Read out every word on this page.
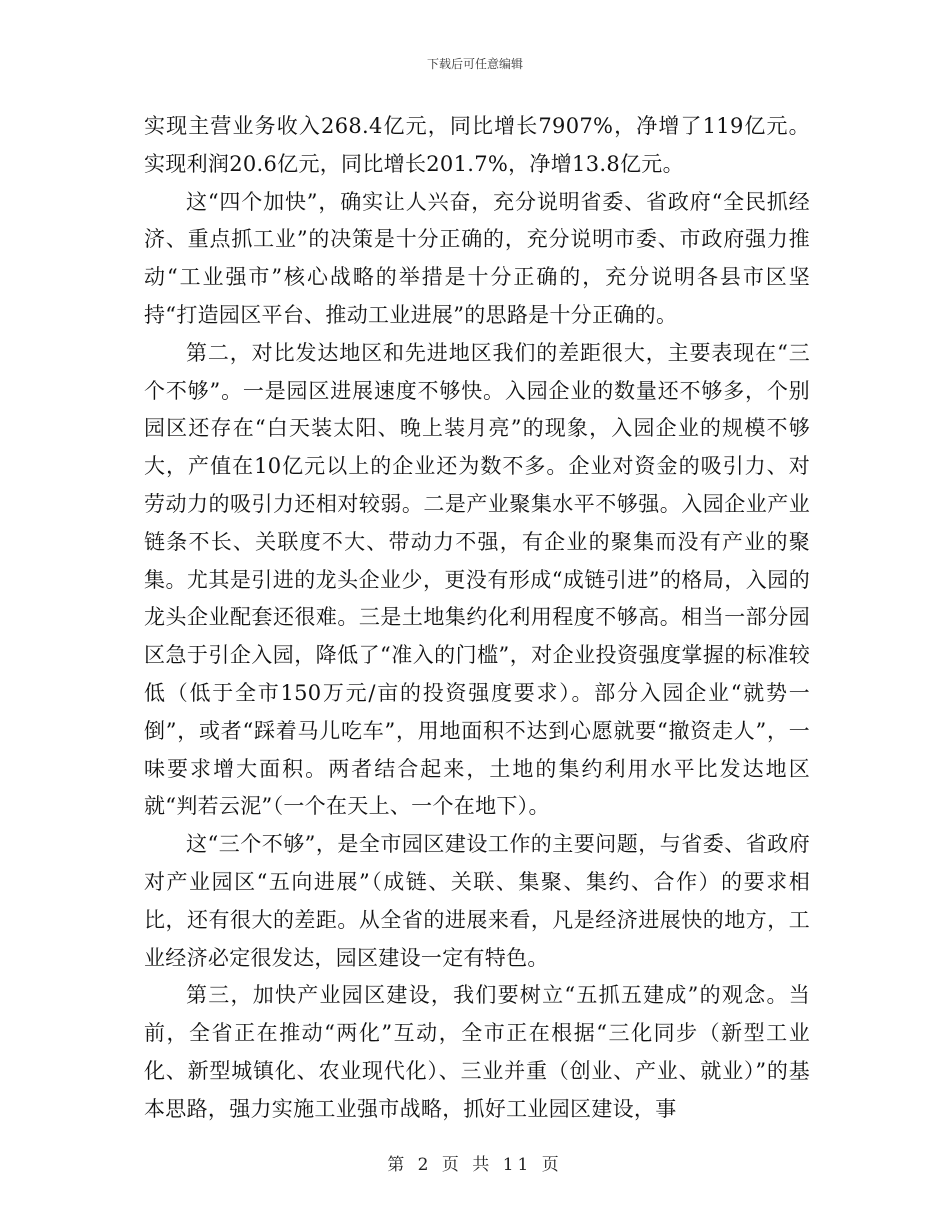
下载后可任意编辑

实现主营业务收入268.4亿元，同比增长7907%，净增了119亿元。实现利润20.6亿元，同比增长201.7%，净增13.8亿元。

这“四个加快”，确实让人兴奋，充分说明省委、省政府“全民抓经济、重点抓工业”的决策是十分正确的，充分说明市委、市政府强力推动“工业强市”核心战略的举措是十分正确的，充分说明各县市区坚持“打造园区平台、推动工业进展”的思路是十分正确的。

第二，对比发达地区和先进地区我们的差距很大，主要表现在“三个不够”。一是园区进展速度不够快。入园企业的数量还不够多，个别园区还存在“白天装太阳、晚上装月亮”的现象，入园企业的规模不够大，产值在10亿元以上的企业还为数不多。企业对资金的吸引力、对劳动力的吸引力还相对较弱。二是产业聚集水平不够强。入园企业产业链条不长、关联度不大、带动力不强，有企业的聚集而没有产业的聚集。尤其是引进的龙头企业少，更没有形成“成链引进”的格局，入园的龙头企业配套还很难。三是土地集约化利用程度不够高。相当一部分园区急于引企入园，降低了“准入的门槛”，对企业投资强度掌握的标准较低（低于全市150万元/亩的投资强度要求）。部分入园企业“就势一倒”，或者“踩着马儿吃车”，用地面积不达到心愿就要“撤资走人”，一味要求增大面积。两者结合起来，土地的集约利用水平比发达地区就“判若云泥”（一个在天上、一个在地下）。

这“三个不够”，是全市园区建设工作的主要问题，与省委、省政府对产业园区“五向进展”（成链、关联、集聚、集约、合作）的要求相比，还有很大的差距。从全省的进展来看，凡是经济进展快的地方，工业经济必定很发达，园区建设一定有特色。

第三，加快产业园区建设，我们要树立“五抓五建成”的观念。当前，全省正在推动“两化”互动，全市正在根据“三化同步（新型工业化、新型城镇化、农业现代化）、三业并重（创业、产业、就业）”的基本思路，强力实施工业强市战略，抓好工业园区建设，事

第 2 页 共 11 页
